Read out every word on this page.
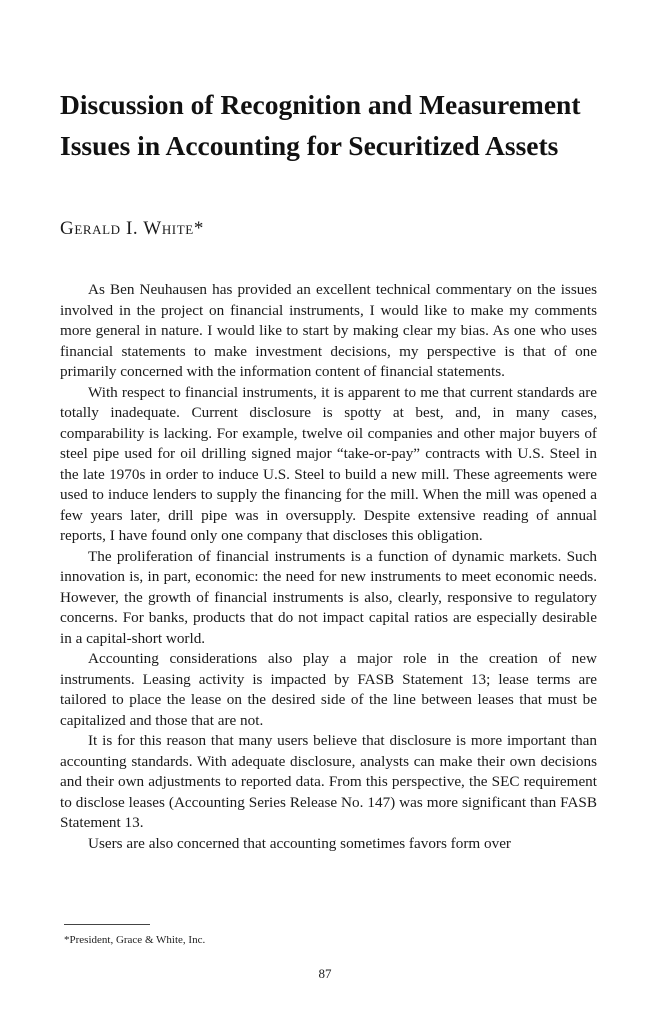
Discussion of Recognition and Measurement Issues in Accounting for Securitized Assets

Gerald I. White*

As Ben Neuhausen has provided an excellent technical commentary on the issues involved in the project on financial instruments, I would like to make my comments more general in nature. I would like to start by making clear my bias. As one who uses financial statements to make investment decisions, my perspective is that of one primarily concerned with the information content of financial statements.

With respect to financial instruments, it is apparent to me that current standards are totally inadequate. Current disclosure is spotty at best, and, in many cases, comparability is lacking. For example, twelve oil companies and other major buyers of steel pipe used for oil drilling signed major “take-or-pay” contracts with U.S. Steel in the late 1970s in order to induce U.S. Steel to build a new mill. These agreements were used to induce lenders to supply the financing for the mill. When the mill was opened a few years later, drill pipe was in oversupply. Despite extensive reading of annual reports, I have found only one company that discloses this obligation.

The proliferation of financial instruments is a function of dynamic markets. Such innovation is, in part, economic: the need for new instruments to meet economic needs. However, the growth of financial instruments is also, clearly, responsive to regulatory concerns. For banks, products that do not impact capital ratios are especially desirable in a capital-short world.

Accounting considerations also play a major role in the creation of new instruments. Leasing activity is impacted by FASB Statement 13; lease terms are tailored to place the lease on the desired side of the line between leases that must be capitalized and those that are not.

It is for this reason that many users believe that disclosure is more important than accounting standards. With adequate disclosure, analysts can make their own decisions and their own adjustments to reported data. From this perspective, the SEC requirement to disclose leases (Accounting Series Release No. 147) was more significant than FASB Statement 13.

Users are also concerned that accounting sometimes favors form over

*President, Grace & White, Inc.

87
